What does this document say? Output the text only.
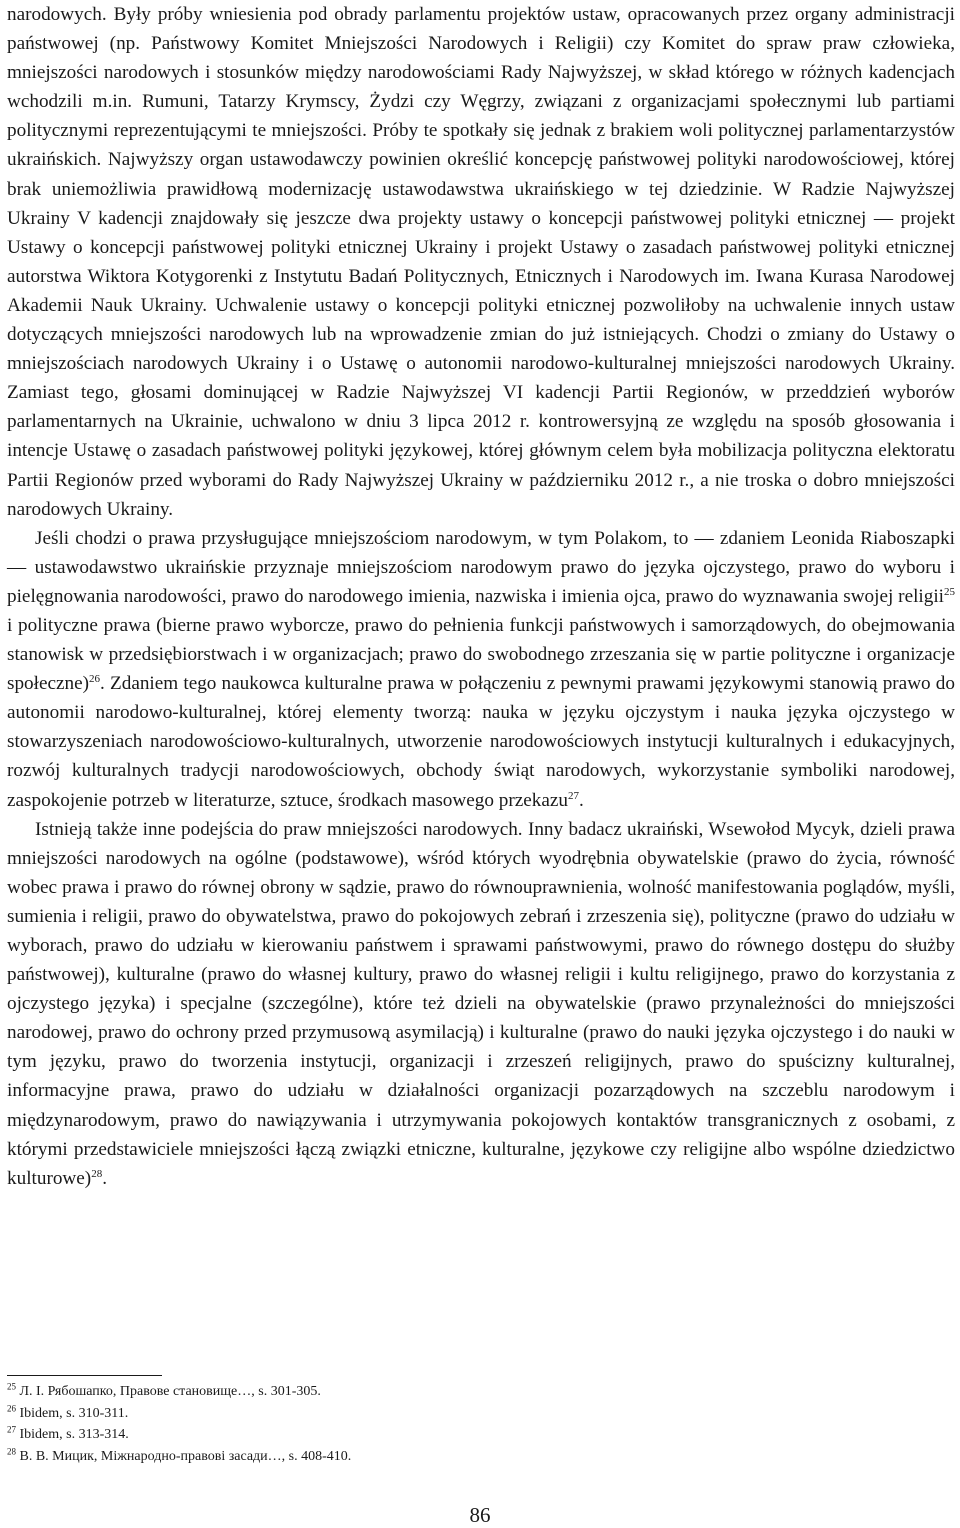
narodowych. Były próby wniesienia pod obrady parlamentu projektów ustaw, opracowanych przez organy administracji państwowej (np. Państwowy Komitet Mniejszości Narodowych i Religii) czy Komitet do spraw praw człowieka, mniejszości narodowych i stosunków między narodowościami Rady Najwyższej, w skład którego w różnych kadencjach wchodzili m.in. Rumuni, Tatarzy Krymscy, Żydzi czy Węgrzy, związani z organizacjami społecznymi lub partiami politycznymi reprezentującymi te mniejszości. Próby te spotkały się jednak z brakiem woli politycznej parlamentarzystów ukraińskich. Najwyższy organ ustawodawczy powinien określić koncepcję państwowej polityki narodowościowej, której brak uniemożliwia prawidłową modernizację ustawodawstwa ukraińskiego w tej dziedzinie. W Radzie Najwyższej Ukrainy V kadencji znajdowały się jeszcze dwa projekty ustawy o koncepcji państwowej polityki etnicznej — projekt Ustawy o koncepcji państwowej polityki etnicznej Ukrainy i projekt Ustawy o zasadach państwowej polityki etnicznej autorstwa Wiktora Kotygorenki z Instytutu Badań Politycznych, Etnicznych i Narodowych im. Iwana Kurasa Narodowej Akademii Nauk Ukrainy. Uchwalenie ustawy o koncepcji polityki etnicznej pozwoliłoby na uchwalenie innych ustaw dotyczących mniejszości narodowych lub na wprowadzenie zmian do już istniejących. Chodzi o zmiany do Ustawy o mniejszościach narodowych Ukrainy i o Ustawę o autonomii narodowo-kulturalnej mniejszości narodowych Ukrainy. Zamiast tego, głosami dominującej w Radzie Najwyższej VI kadencji Partii Regionów, w przeddzień wyborów parlamentarnych na Ukrainie, uchwalono w dniu 3 lipca 2012 r. kontrowersyjną ze względu na sposób głosowania i intencje Ustawę o zasadach państwowej polityki językowej, której głównym celem była mobilizacja polityczna elektoratu Partii Regionów przed wyborami do Rady Najwyższej Ukrainy w październiku 2012 r., a nie troska o dobro mniejszości narodowych Ukrainy.

Jeśli chodzi o prawa przysługujące mniejszościom narodowym, w tym Polakom, to — zdaniem Leonida Riaboszapki — ustawodawstwo ukraińskie przyznaje mniejszościom narodowym prawo do języka ojczystego, prawo do wyboru i pielęgnowania narodowości, prawo do narodowego imienia, nazwiska i imienia ojca, prawo do wyznawania swojej religii$^{25}$ i polityczne prawa (bierne prawo wyborcze, prawo do pełnienia funkcji państwowych i samorządowych, do obejmowania stanowisk w przedsiębiorstwach i w organizacjach; prawo do swobodnego zrzeszania się w partie polityczne i organizacje społeczne)$^{26}$. Zdaniem tego naukowca kulturalne prawa w połączeniu z pewnymi prawami językowymi stanowią prawo do autonomii narodowo-kulturalnej, której elementy tworzą: nauka w języku ojczystym i nauka języka ojczystego w stowarzyszeniach narodowościowo-kulturalnych, utworzenie narodowościowych instytucji kulturalnych i edukacyjnych, rozwój kulturalnych tradycji narodowościowych, obchody świąt narodowych, wykorzystanie symboliki narodowej, zaspokojenie potrzeb w literaturze, sztuce, środkach masowego przekazu$^{27}$.

Istnieją także inne podejścia do praw mniejszości narodowych. Inny badacz ukraiński, Wsewołod Mycyk, dzieli prawa mniejszości narodowych na ogólne (podstawowe), wśród których wyodrębnia obywatelskie (prawo do życia, równość wobec prawa i prawo do równej obrony w sądzie, prawo do równouprawnienia, wolność manifestowania poglądów, myśli, sumienia i religii, prawo do obywatelstwa, prawo do pokojowych zebrań i zrzeszenia się), polityczne (prawo do udziału w wyborach, prawo do udziału w kierowaniu państwem i sprawami państwowymi, prawo do równego dostępu do służby państwowej), kulturalne (prawo do własnej kultury, prawo do własnej religii i kultu religijnego, prawo do korzystania z ojczystego języka) i specjalne (szczególne), które też dzieli na obywatelskie (prawo przynależności do mniejszości narodowej, prawo do ochrony przed przymusową asymilacją) i kulturalne (prawo do nauki języka ojczystego i do nauki w tym języku, prawo do tworzenia instytucji, organizacji i zrzeszeń religijnych, prawo do spuścizny kulturalnej, informacyjne prawa, prawo do udziału w działalności organizacji pozarządowych na szczeblu narodowym i międzynarodowym, prawo do nawiązywania i utrzymywania pokojowych kontaktów transgranicznych z osobami, z którymi przedstawiciele mniejszości łączą związki etniczne, kulturalne, językowe czy religijne albo wspólne dziedzictwo kulturowe)$^{28}$.

$^{25}$ Л. І. Рябошапко, Правове становище…, s. 301-305.
$^{26}$ Ibidem, s. 310-311.
$^{27}$ Ibidem, s. 313-314.
$^{28}$ В. В. Мицик, Міжнародно-правові засади…, s. 408-410.
86
